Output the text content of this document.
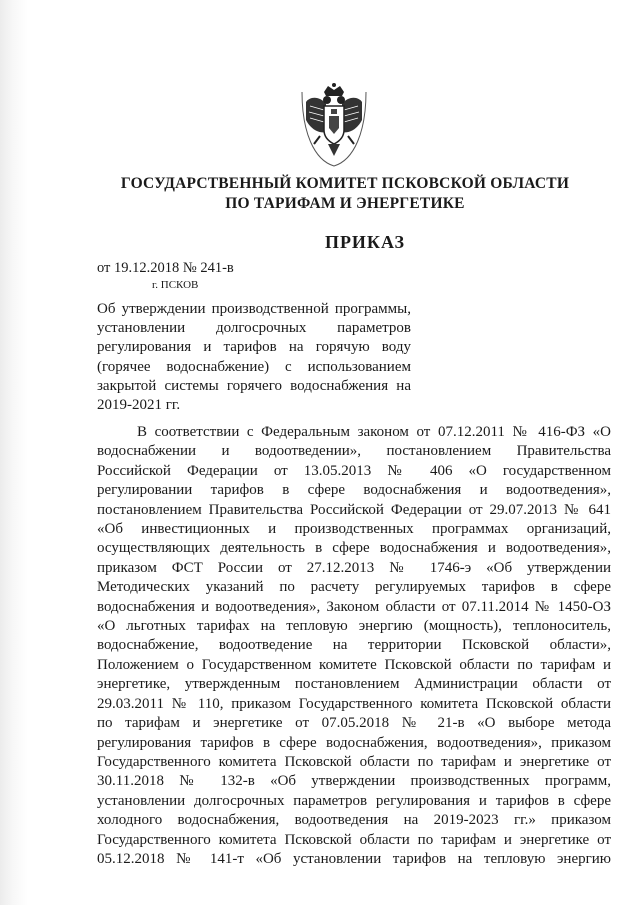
ГОСУДАРСТВЕННЫЙ КОМИТЕТ ПСКОВСКОЙ ОБЛАСТИ
ПО ТАРИФАМ И ЭНЕРГЕТИКЕ
ПРИКАЗ
от 19.12.2018 № 241-в
г. ПСКОВ
Об утверждении производственной программы,
установлении долгосрочных параметров
регулирования и тарифов на горячую воду
(горячее водоснабжение) с использованием
закрытой системы горячего водоснабжения на
2019-2021 гг.
В соответствии с Федеральным законом от 07.12.2011 № 416-ФЗ «О
водоснабжении и водоотведении», постановлением Правительства
Российской Федерации от 13.05.2013 № 406 «О государственном
регулировании тарифов в сфере водоснабжения и водоотведения»,
постановлением Правительства Российской Федерации от 29.07.2013 № 641
«Об инвестиционных и производственных программах организаций,
осуществляющих деятельность в сфере водоснабжения и водоотведения»,
приказом ФСТ России от 27.12.2013 № 1746-э «Об утверждении
Методических указаний по расчету регулируемых тарифов в сфере
водоснабжения и водоотведения», Законом области от 07.11.2014 № 1450-ОЗ
«О льготных тарифах на тепловую энергию (мощность), теплоноситель,
водоснабжение, водоотведение на территории Псковской области»,
Положением о Государственном комитете Псковской области по тарифам и
энергетике, утвержденным постановлением Администрации области от
29.03.2011 № 110, приказом Государственного комитета Псковской области
по тарифам и энергетике от 07.05.2018 № 21-в «О выборе метода
регулирования тарифов в сфере водоснабжения, водоотведения», приказом
Государственного комитета Псковской области по тарифам и энергетике от
30.11.2018 № 132-в «Об утверждении производственных программ,
установлении долгосрочных параметров регулирования и тарифов в сфере
холодного водоснабжения, водоотведения на 2019-2023 гг.» приказом
Государственного комитета Псковской области по тарифам и энергетике от
05.12.2018 № 141-т «Об установлении тарифов на тепловую энергию
